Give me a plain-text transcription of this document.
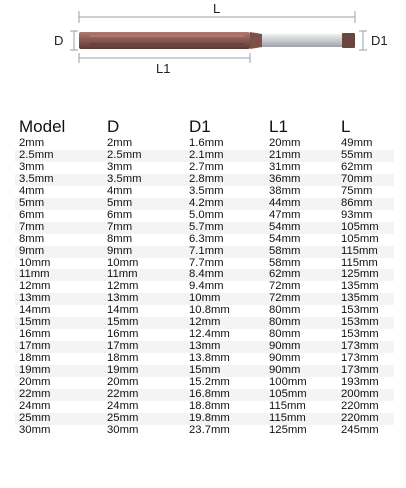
L
D	D1
L1
Model	D	D1	L1	L
2mm	2mm	1.6mm	20mm	49mm
2.5mm	2.5mm	2.1mm	21mm	55mm
3mm	3mm	2.7mm	31mm	62mm
3.5mm	3.5mm	2.8mm	36mm	70mm
4mm	4mm	3.5mm	38mm	75mm
5mm	5mm	4.2mm	44mm	86mm
6mm	6mm	5.0mm	47mm	93mm
7mm	7mm	5.7mm	54mm	105mm
8mm	8mm	6.3mm	54mm	105mm
9mm	9mm	7.1mm	58mm	115mm
10mm	10mm	7.7mm	58mm	115mm
11mm	11mm	8.4mm	62mm	125mm
12mm	12mm	9.4mm	72mm	135mm
13mm	13mm	10mm	72mm	135mm
14mm	14mm	10.8mm	80mm	153mm
15mm	15mm	12mm	80mm	153mm
16mm	16mm	12.4mm	80mm	153mm
17mm	17mm	13mm	90mm	173mm
18mm	18mm	13.8mm	90mm	173mm
19mm	19mm	15mm	90mm	173mm
20mm	20mm	15.2mm	100mm	193mm
22mm	22mm	16.8mm	105mm	200mm
24mm	24mm	18.8mm	115mm	220mm
25mm	25mm	19.8mm	115mm	220mm
30mm	30mm	23.7mm	125mm	245mm
